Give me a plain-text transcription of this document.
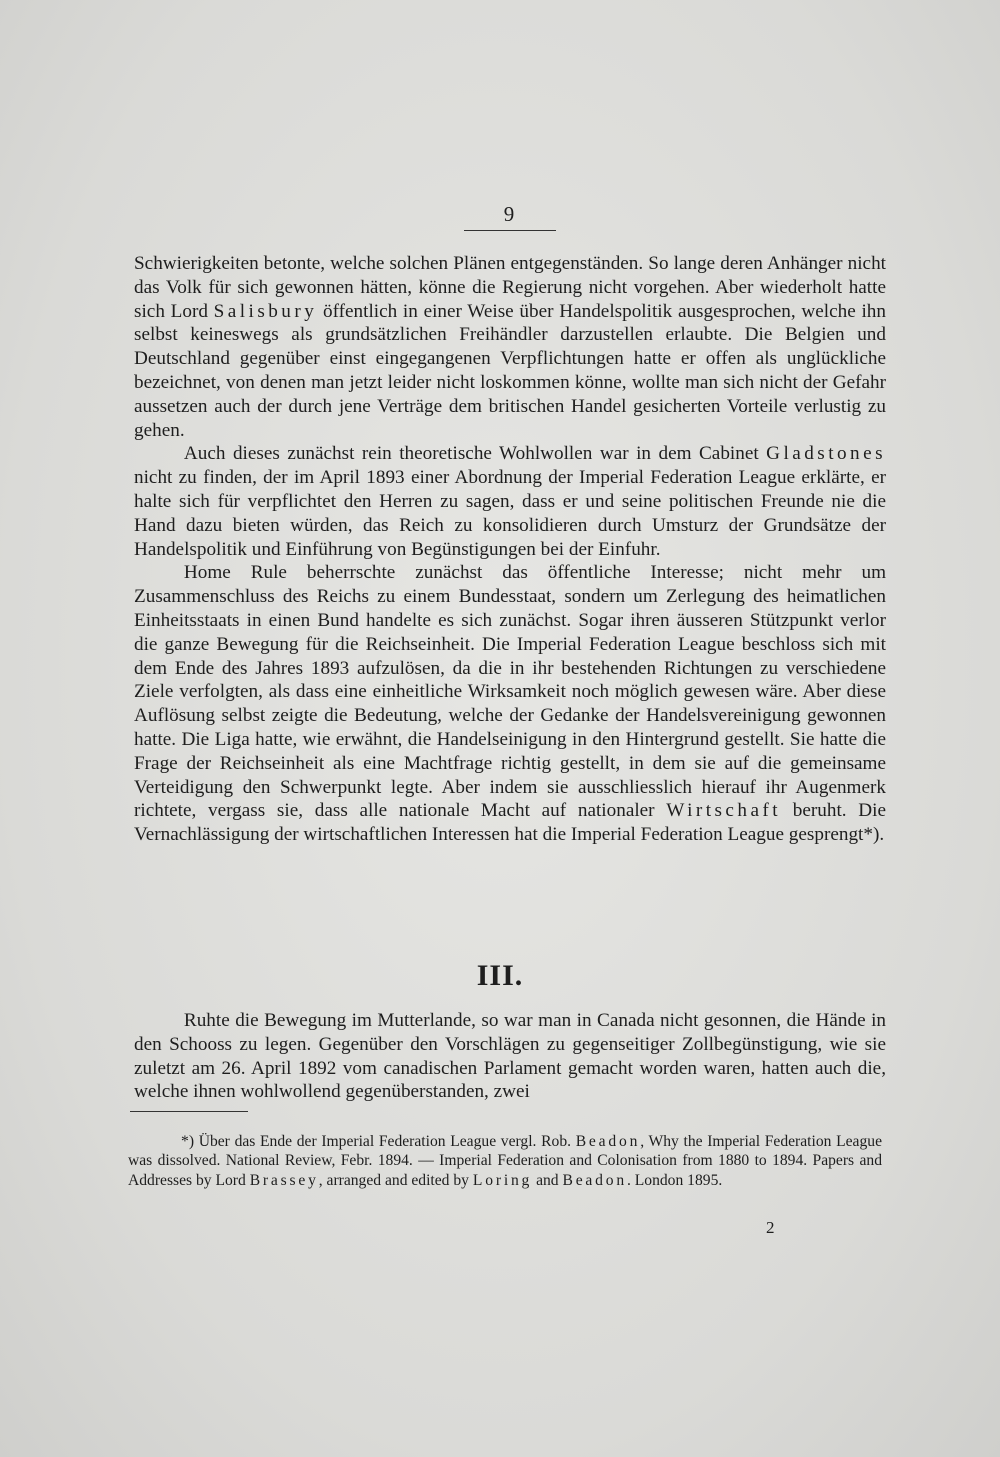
9

Schwierigkeiten betonte, welche solchen Plänen entgegenständen. So lange deren Anhänger nicht das Volk für sich gewonnen hätten, könne die Regierung nicht vorgehen. Aber wiederholt hatte sich Lord Salisbury öffentlich in einer Weise über Handelspolitik ausgesprochen, welche ihn selbst keineswegs als grundsätzlichen Freihändler darzustellen erlaubte. Die Belgien und Deutschland gegenüber einst eingegangenen Verpflichtungen hatte er offen als unglückliche bezeichnet, von denen man jetzt leider nicht loskommen könne, wollte man sich nicht der Gefahr aussetzen auch der durch jene Verträge dem britischen Handel gesicherten Vorteile verlustig zu gehen.

Auch dieses zunächst rein theoretische Wohlwollen war in dem Cabinet Gladstones nicht zu finden, der im April 1893 einer Abordnung der Imperial Federation League erklärte, er halte sich für verpflichtet den Herren zu sagen, dass er und seine politischen Freunde nie die Hand dazu bieten würden, das Reich zu konsolidieren durch Umsturz der Grundsätze der Handelspolitik und Einführung von Begünstigungen bei der Einfuhr.

Home Rule beherrschte zunächst das öffentliche Interesse; nicht mehr um Zusammenschluss des Reichs zu einem Bundesstaat, sondern um Zerlegung des heimatlichen Einheitsstaats in einen Bund handelte es sich zunächst. Sogar ihren äusseren Stützpunkt verlor die ganze Bewegung für die Reichseinheit. Die Imperial Federation League beschloss sich mit dem Ende des Jahres 1893 aufzulösen, da die in ihr bestehenden Richtungen zu verschiedene Ziele verfolgten, als dass eine einheitliche Wirksamkeit noch möglich gewesen wäre. Aber diese Auflösung selbst zeigte die Bedeutung, welche der Gedanke der Handelsvereinigung gewonnen hatte. Die Liga hatte, wie erwähnt, die Handelseinigung in den Hintergrund gestellt. Sie hatte die Frage der Reichseinheit als eine Machtfrage richtig gestellt, in dem sie auf die gemeinsame Verteidigung den Schwerpunkt legte. Aber indem sie ausschliesslich hierauf ihr Augenmerk richtete, vergass sie, dass alle nationale Macht auf nationaler Wirtschaft beruht. Die Vernachlässigung der wirtschaftlichen Interessen hat die Imperial Federation League gesprengt*).

III.

Ruhte die Bewegung im Mutterlande, so war man in Canada nicht gesonnen, die Hände in den Schooss zu legen. Gegenüber den Vorschlägen zu gegenseitiger Zollbegünstigung, wie sie zuletzt am 26. April 1892 vom canadischen Parlament gemacht worden waren, hatten auch die, welche ihnen wohlwollend gegenüberstanden, zwei

*) Über das Ende der Imperial Federation League vergl. Rob. Beadon, Why the Imperial Federation League was dissolved. National Review, Febr. 1894. — Imperial Federation and Colonisation from 1880 to 1894. Papers and Addresses by Lord Brassey, arranged and edited by Loring and Beadon. London 1895.

2
